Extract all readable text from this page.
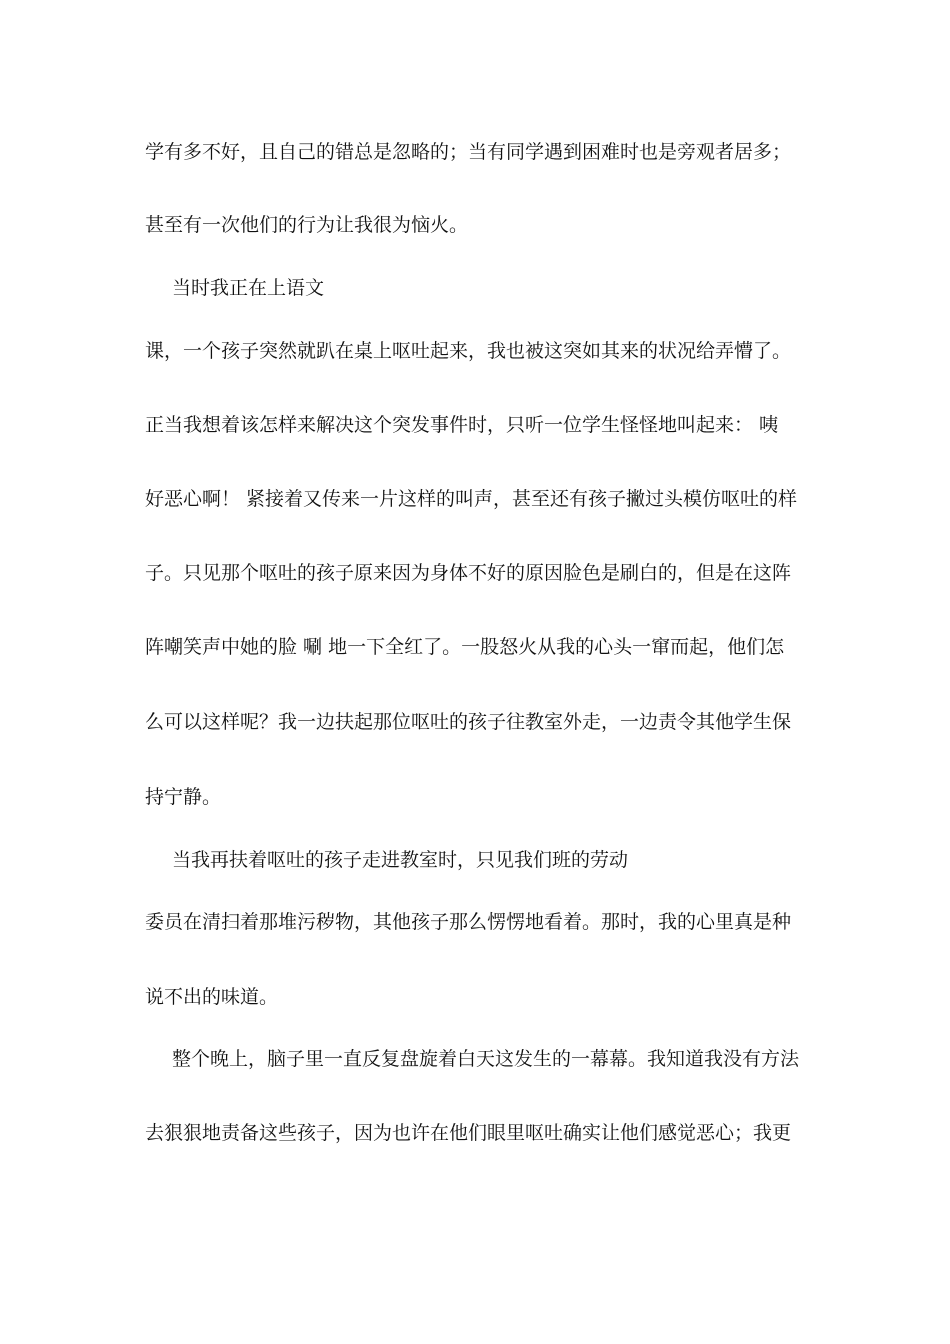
学有多不好，且自己的错总是忽略的；当有同学遇到困难时也是旁观者居多；
甚至有一次他们的行为让我很为恼火。
当时我正在上语文
课，一个孩子突然就趴在桌上呕吐起来，我也被这突如其来的状况给弄懵了。
正当我想着该怎样来解决这个突发事件时，只听一位学生怪怪地叫起来： 咦
好恶心啊！ 紧接着又传来一片这样的叫声，甚至还有孩子撇过头模仿呕吐的样
子。只见那个呕吐的孩子原来因为身体不好的原因脸色是刷白的，但是在这阵
阵嘲笑声中她的脸 唰 地一下全红了。一股怒火从我的心头一窜而起，他们怎
么可以这样呢？我一边扶起那位呕吐的孩子往教室外走，一边责令其他学生保
持宁静。
当我再扶着呕吐的孩子走进教室时，只见我们班的劳动
委员在清扫着那堆污秽物，其他孩子那么愣愣地看着。那时，我的心里真是种
说不出的味道。
整个晚上，脑子里一直反复盘旋着白天这发生的一幕幕。我知道我没有方法
去狠狠地责备这些孩子，因为也许在他们眼里呕吐确实让他们感觉恶心；我更
